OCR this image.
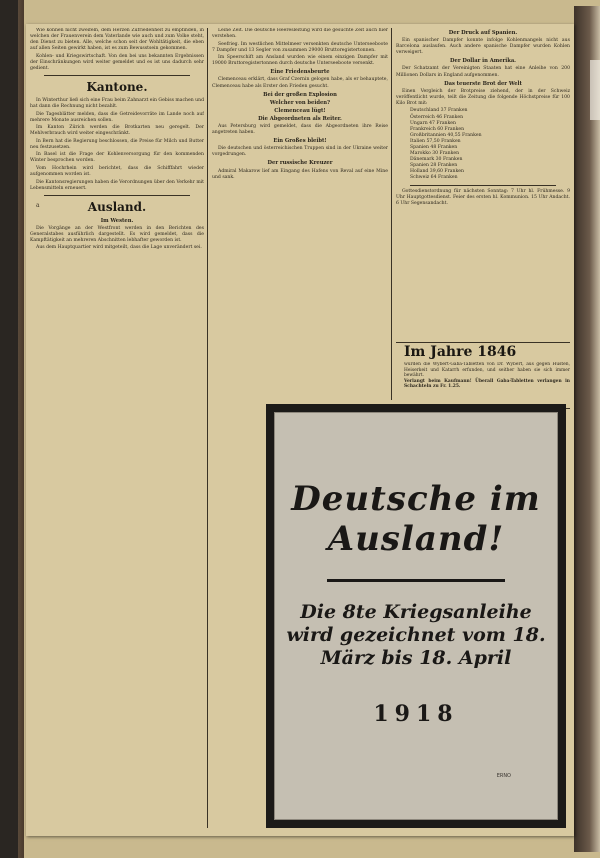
Wie können nicht zweifeln, dem Herzen Zufriedenheit zu empfinden, in welchen der Frauenverein dem Vaterlande wie auch und zum Volke steht, den Dienst zu bieten. Alle, welche schon seit der Wohltätigkeit, die eben auf allen Seiten gewirkt haben, ist es zum Bewusstsein gekommen.

Kohlen- und Kriegswirtschaft. Von den bei uns bekannten Ergebnissen der Einschränkungen wird weiter gemeldet und es ist uns dadurch sehr gedient.

Kantone.

In Winterthur ließ sich eine Frau beim Zahnarzt ein Gebiss machen und hat dann die Rechnung nicht bezahlt.

Die Tagesblätter melden, dass die Getreidevorräte im Lande noch auf mehrere Monate ausreichen sollen.

Im Kanton Zürich werden die Brotkarten neu geregelt. Der Mehlverbrauch wird weiter eingeschränkt.

In Bern hat die Regierung beschlossen, die Preise für Milch und Butter neu festzusetzen.

In Basel ist die Frage der Kohlenversorgung für den kommenden Winter besprochen worden.

Vom Hochrhein wird berichtet, dass die Schifffahrt wieder aufgenommen worden ist.

Die Kantonsregierungen haben die Verordnungen über den Verkehr mit Lebensmitteln erneuert.

Ausland.
Im Westen.

Die Vorgänge an der Westfront werden in den Berichten des Generalstabes ausführlich dargestellt. Es wird gemeldet, dass die Kampftätigkeit an mehreren Abschnitten lebhafter geworden ist.

Aus dem Hauptquartier wird mitgeteilt, dass die Lage unverändert sei.

Leine Zeit. Die deutsche Heeresleitung wird die gesuchte Zeit auch hier verstehen.

Seefrieg. Im westlichen Mittelmeer versenkten deutsche Unterseeboote 7 Dampfer und 13 Segler von zusammen 29000 Bruttoregistertonnen.

Im Speerschift am Ansland wurden wie einem einzigen Dampfer mit 19000 Bruttoregistertonnen durch deutsche Unterseeboote versenkt.

Eine Friedensbeurte

Clemenceau erklärt, dass Graf Czernin gelogen habe, als er behauptete, Clemenceau habe als Erster den Frieden gesucht.

Bei der großen Explosion
Welcher von beiden?
Clemenceau lügt!
Die Abgeordneten als Reiter.

Aus Petersburg wird gemeldet, dass die Abgeordneten ihre Reise angetreten haben.

Ein Großes bleibt!

Die deutschen und österreichischen Truppen sind in der Ukraine weiter vorgedrungen.

Der russische Kreuzer

Admiral Makarow lief am Eingang des Hafens von Reval auf eine Mine und sank.

Der Druck auf Spanien.

Ein spanischer Dampfer konnte infolge Kohlenmangels nicht aus Barcelona auslaufen. Auch andere spanische Dampfer wurden Kohlen verweigert.

Der Dollar in Amerika.

Der Schatzamt der Vereinigten Staaten hat eine Anleihe von 200 Millionen Dollars in England aufgenommen.

Das teuerste Brot der Welt

Einen Vergleich der Brotpreise ziehend, der in der Schweiz veröffentlicht wurde, teilt die Zeitung die folgende Höchstpreise für 100 Kilo Brot mit:

Deutschland 37 Franken
Österreich 46 Franken
Ungarn 47 Franken
Frankreich 60 Franken
Großbritannien 40,55 Franken
Italien 57,50 Franken
Spanien 48 Franken
Marokko 30 Franken
Dänemark 30 Franken
Spanien 28 Franken
Holland 39,60 Franken
Schweiz 64 Franken

Gottesdienstordnung für nächsten Sonntag: 7 Uhr hl. Frühmesse. 9 Uhr Hauptgottesdienst. Feier des ersten hl. Kommunion. 15 Uhr Andacht. 6 Uhr Segensandacht.

Im Jahre 1846
wurden die Wybert-Gaba-Tabletten von Dr. Wybert, aus gegen Husten, Heiserkeit und Katarrh erfunden, und seither haben sie sich immer bewährt.
Verlangt beim Kaufmann! Überall Gaba-Tabletten verlangen in Schachteln zu Fr. 1.25.
Deutsche im Ausland!
Die 8te Kriegsanleihe wird gezeichnet vom 18. März bis 18. April
1918
ERNO
a
